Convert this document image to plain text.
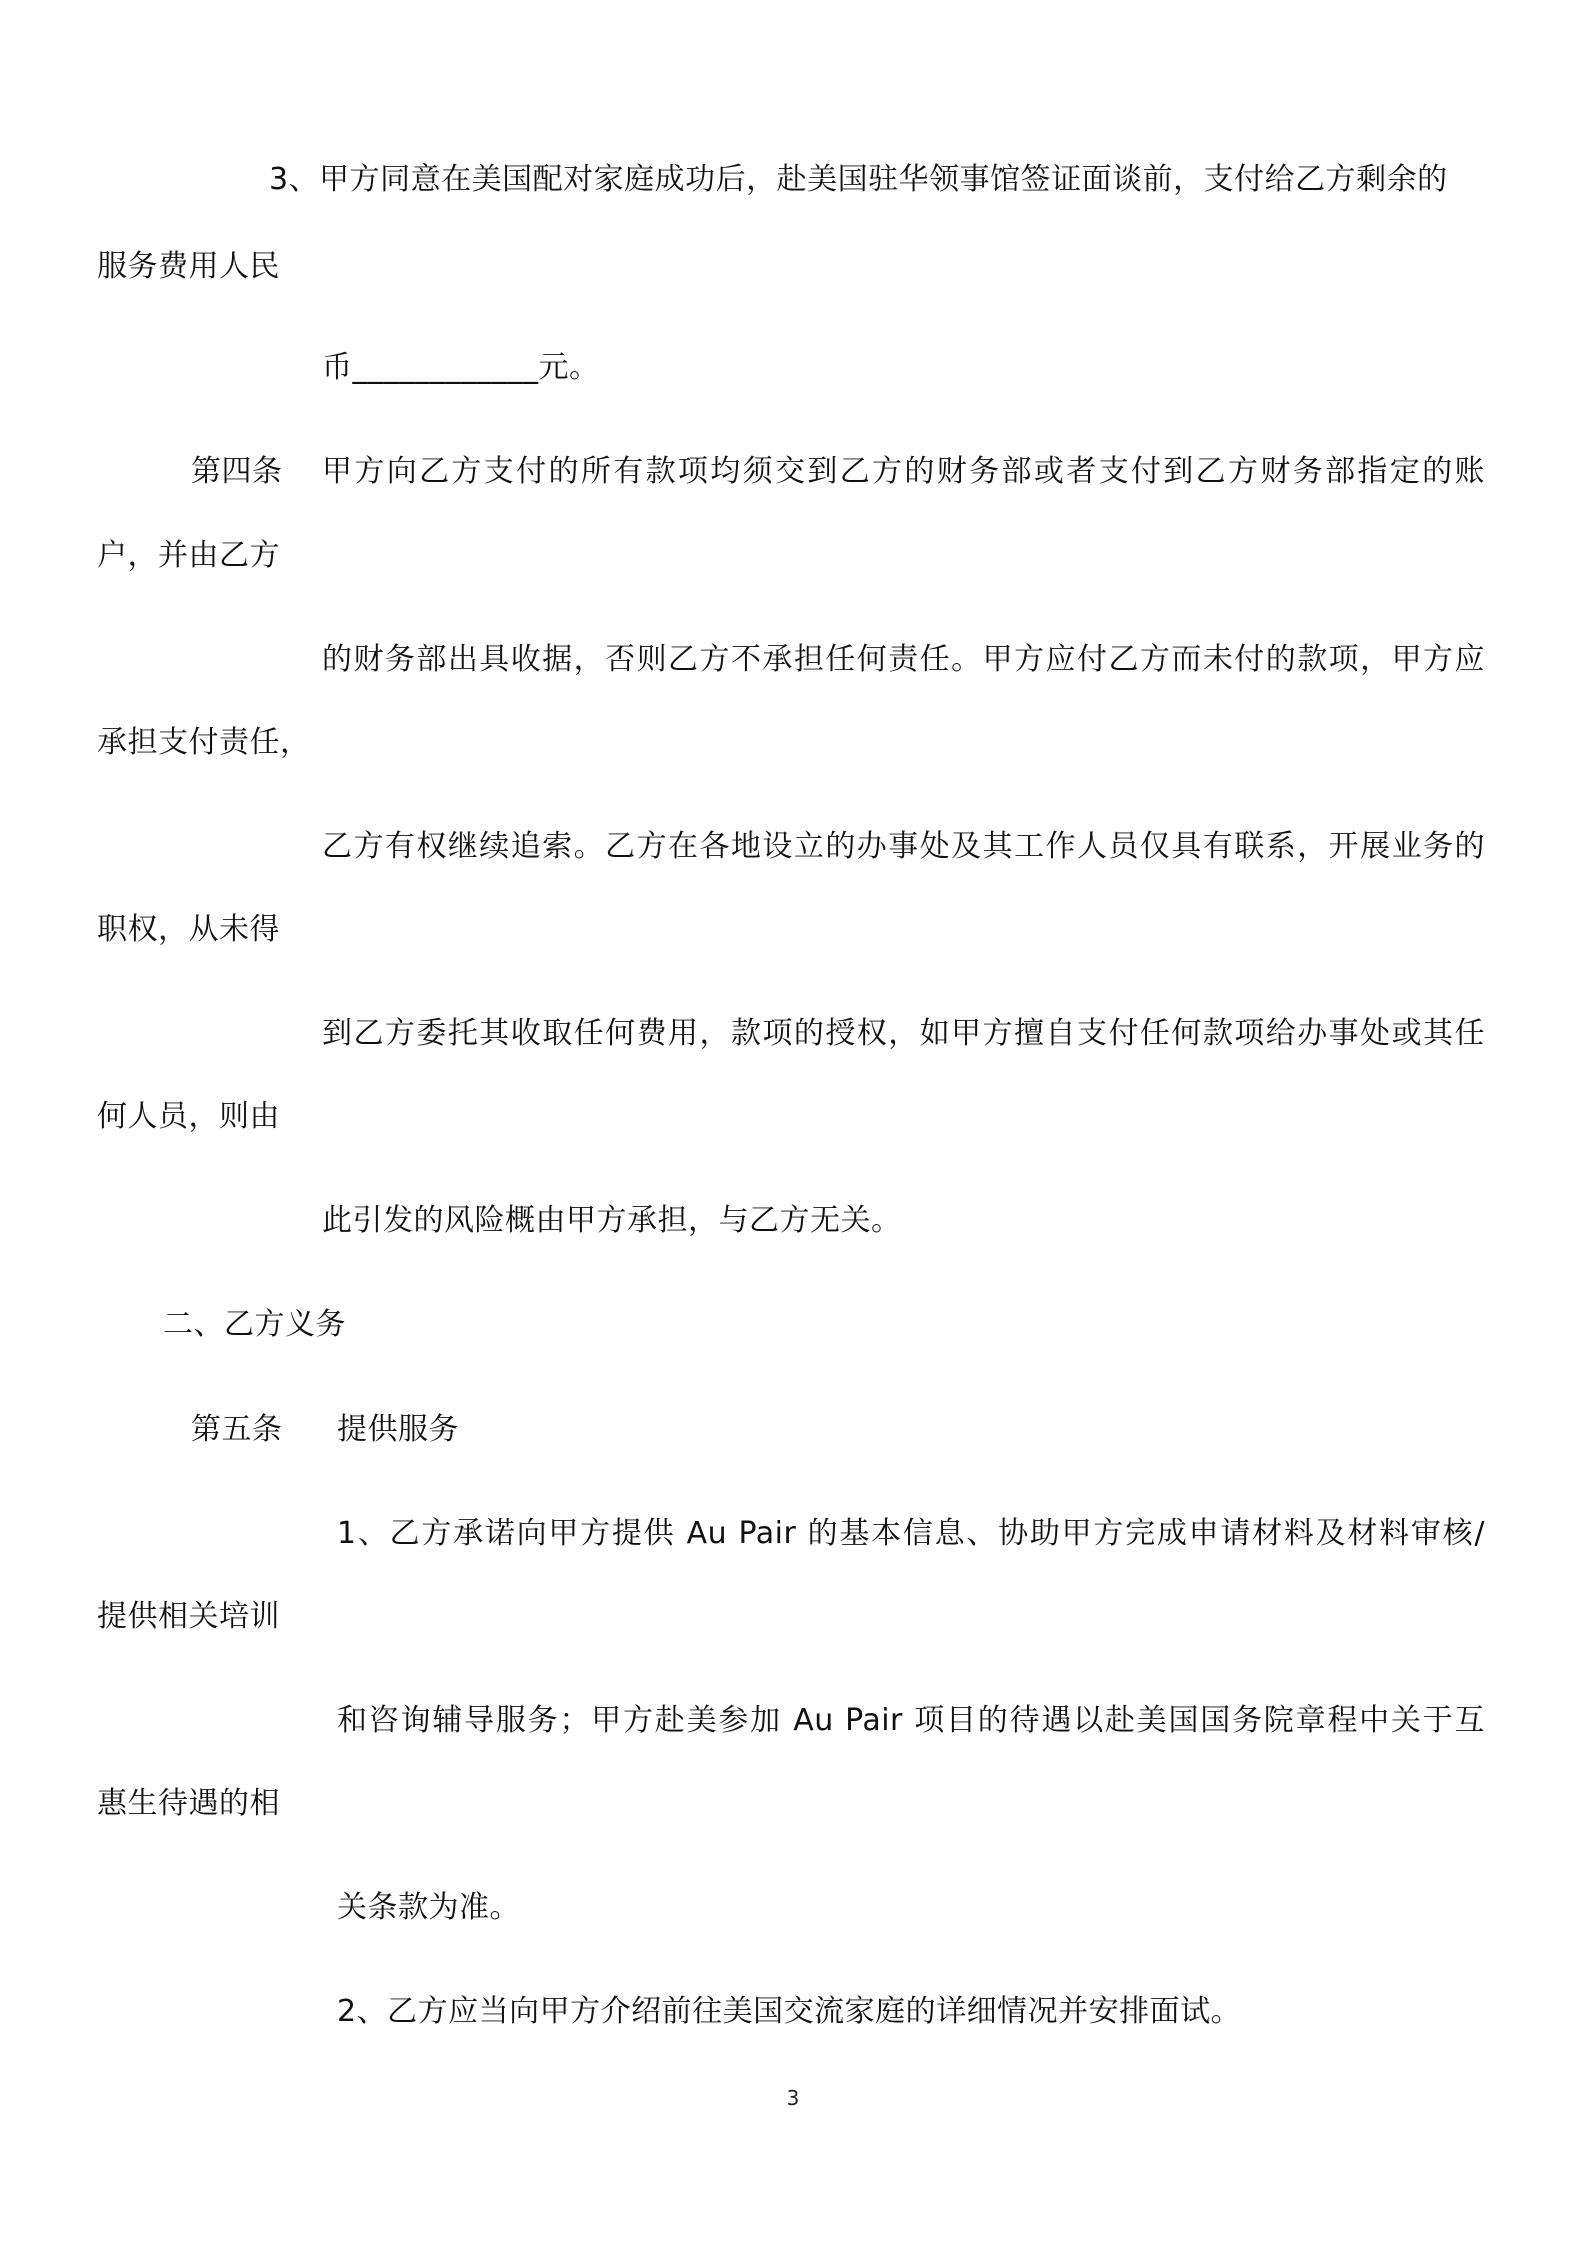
3、甲方同意在美国配对家庭成功后，赴美国驻华领事馆签证面谈前，支付给乙方剩余的
服务费用人民
币____________元。
第四条 甲方向乙方支付的所有款项均须交到乙方的财务部或者支付到乙方财务部指定的账
户，并由乙方
的财务部出具收据，否则乙方不承担任何责任。甲方应付乙方而未付的款项，甲方应
承担支付责任，
乙方有权继续追索。乙方在各地设立的办事处及其工作人员仅具有联系，开展业务的
职权，从未得
到乙方委托其收取任何费用，款项的授权，如甲方擅自支付任何款项给办事处或其任
何人员，则由
此引发的风险概由甲方承担，与乙方无关。
二、乙方义务
第五条 提供服务
1、乙方承诺向甲方提供 Au Pair 的基本信息、协助甲方完成申请材料及材料审核/
提供相关培训
和咨询辅导服务；甲方赴美参加 Au Pair 项目的待遇以赴美国国务院章程中关于互
惠生待遇的相
关条款为准。
2、乙方应当向甲方介绍前往美国交流家庭的详细情况并安排面试。
3
